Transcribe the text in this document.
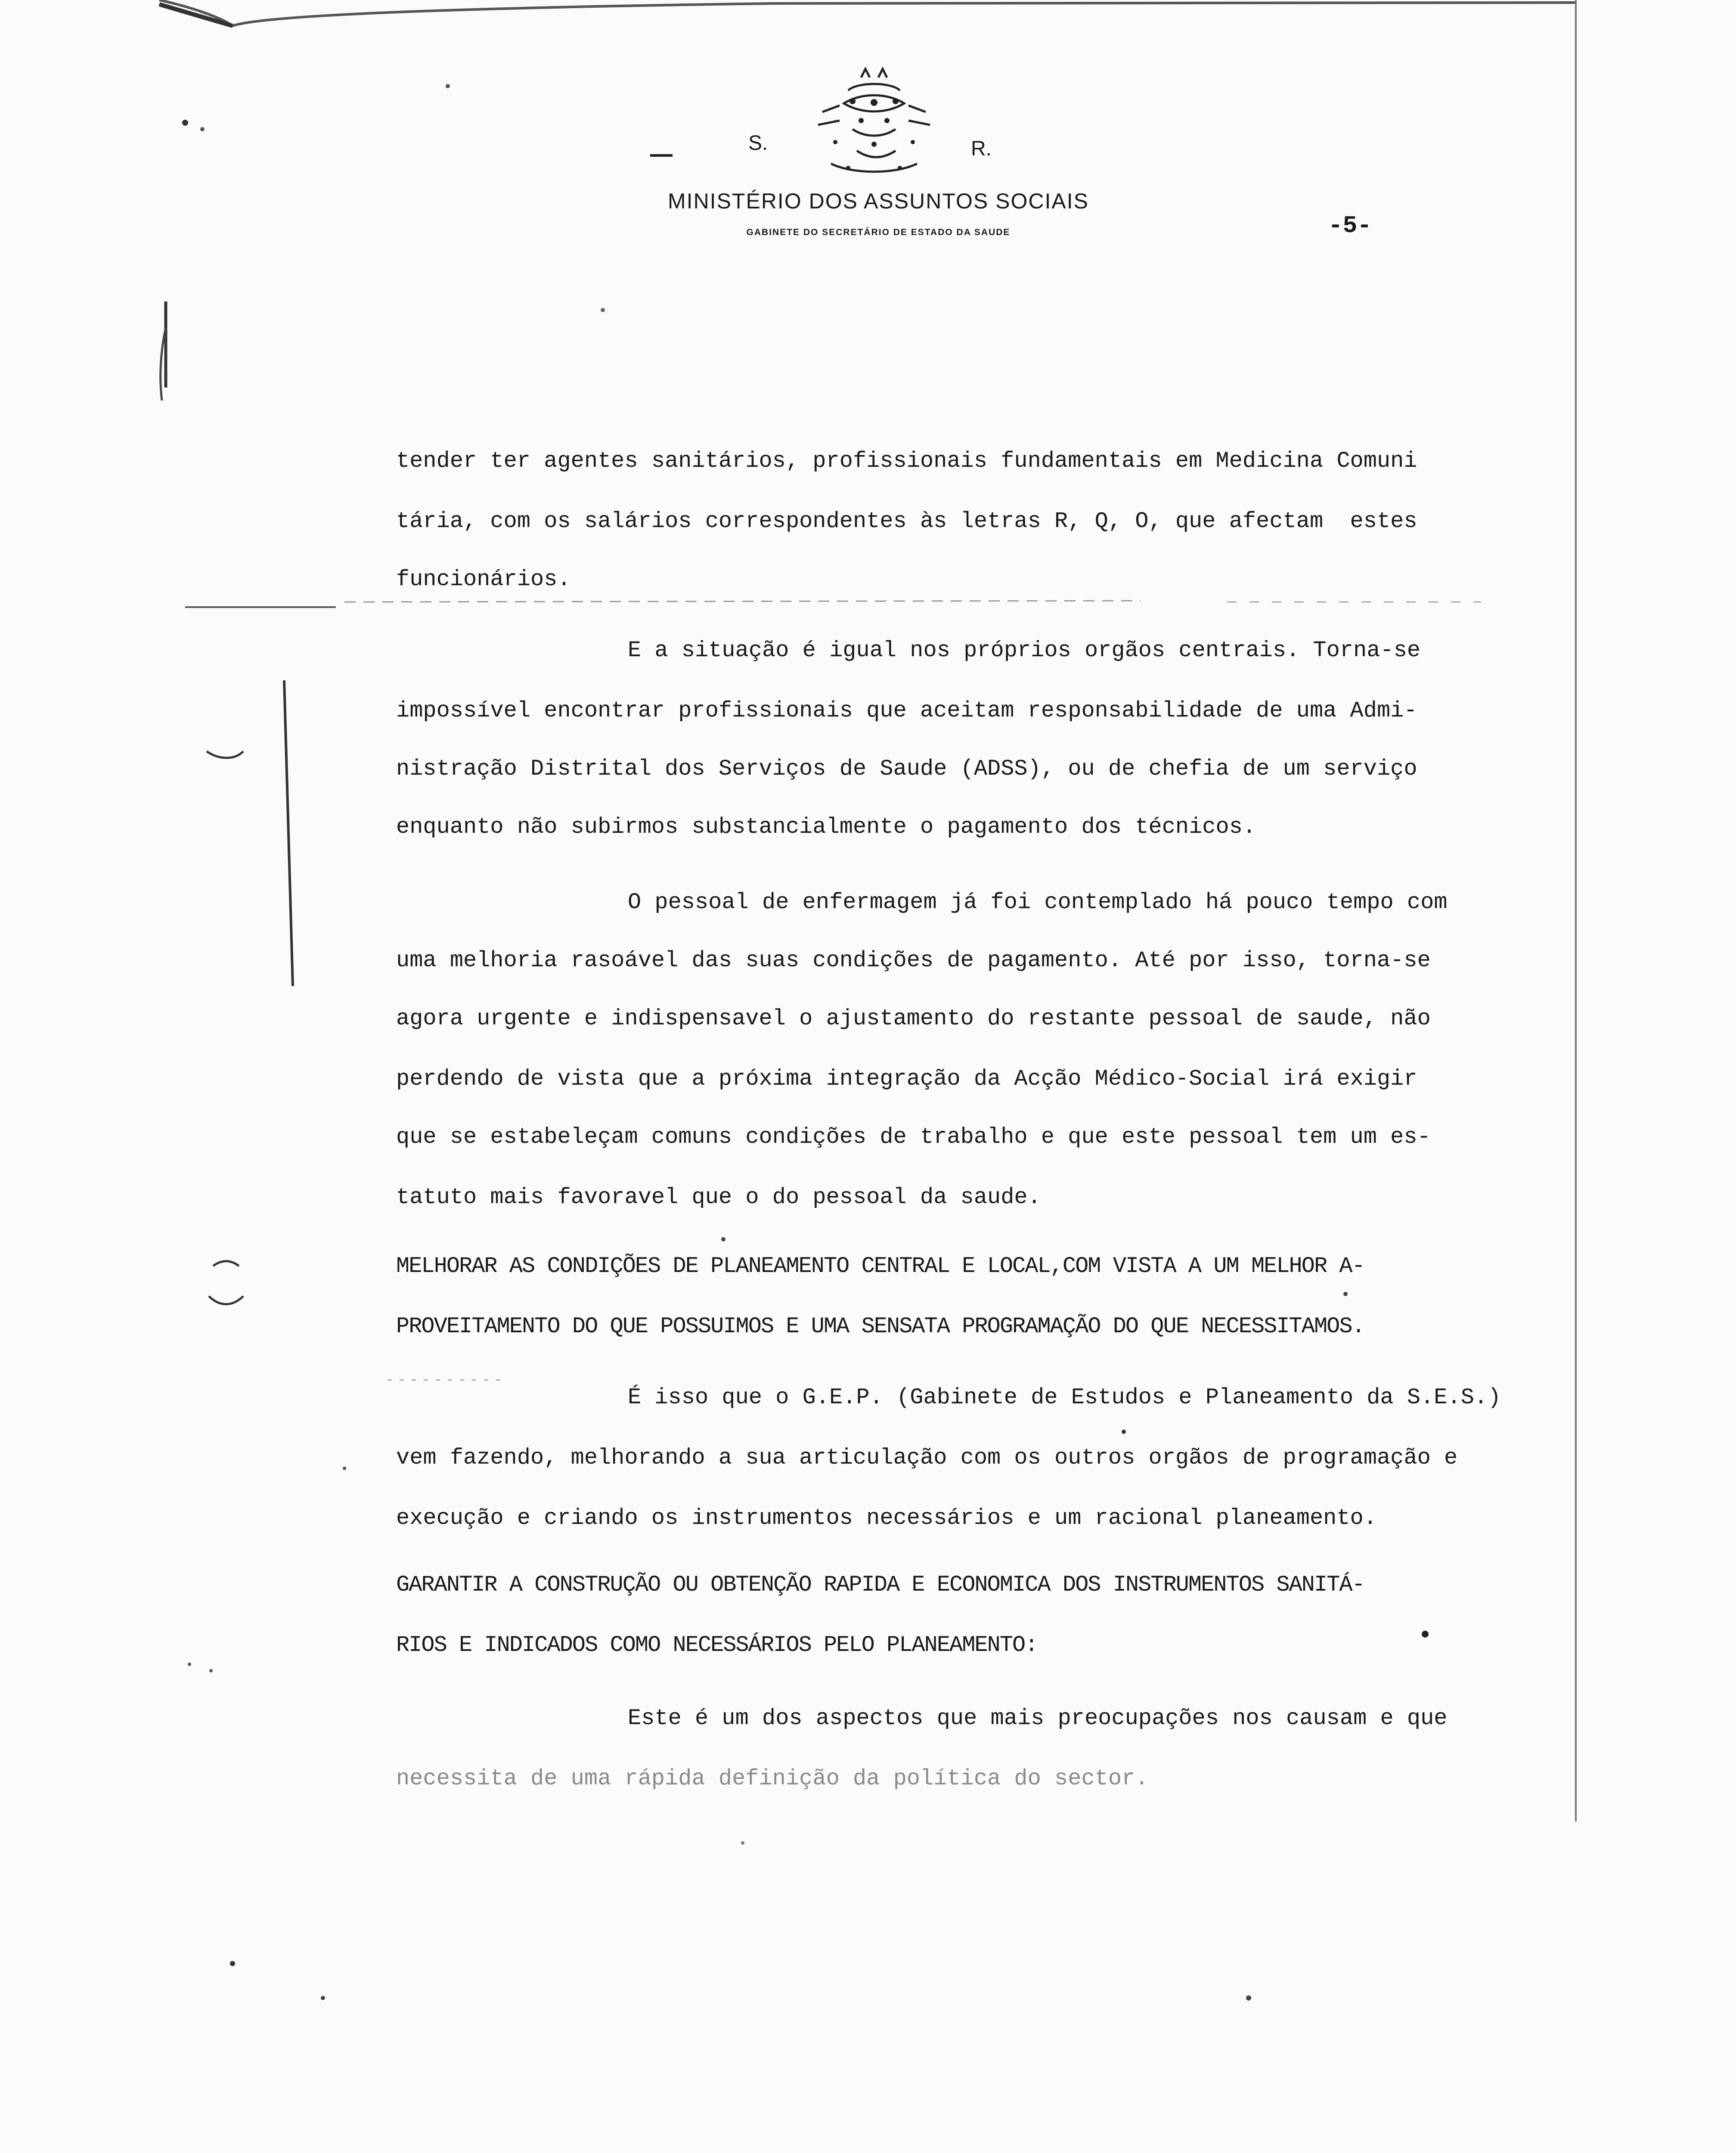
S.	R.
MINISTÉRIO DOS ASSUNTOS SOCIAIS
GABINETE DO SECRETÁRIO DE ESTADO DA SAUDE	-5-
tender ter agentes sanitários, profissionais fundamentais em Medicina Comuni
tária, com os salários correspondentes às letras R, Q, O, que afectam  estes
funcionários.
E a situação é igual nos próprios orgãos centrais. Torna-se
impossível encontrar profissionais que aceitam responsabilidade de uma Admi-
nistração Distrital dos Serviços de Saude (ADSS), ou de chefia de um serviço
enquanto não subirmos substancialmente o pagamento dos técnicos.
O pessoal de enfermagem já foi contemplado há pouco tempo com
uma melhoria rasoável das suas condições de pagamento. Até por isso, torna-se
agora urgente e indispensavel o ajustamento do restante pessoal de saude, não
perdendo de vista que a próxima integração da Acção Médico-Social irá exigir
que se estabeleçam comuns condições de trabalho e que este pessoal tem um es-
tatuto mais favoravel que o do pessoal da saude.
MELHORAR AS CONDIÇÕES DE PLANEAMENTO CENTRAL E LOCAL,COM VISTA A UM MELHOR A-
PROVEITAMENTO DO QUE POSSUIMOS E UMA SENSATA PROGRAMAÇÃO DO QUE NECESSITAMOS.
É isso que o G.E.P. (Gabinete de Estudos e Planeamento da S.E.S.)
vem fazendo, melhorando a sua articulação com os outros orgãos de programação e
execução e criando os instrumentos necessários e um racional planeamento.
GARANTIR A CONSTRUÇÃO OU OBTENÇÃO RAPIDA E ECONOMICA DOS INSTRUMENTOS SANITÁ-
RIOS E INDICADOS COMO NECESSÁRIOS PELO PLANEAMENTO:
Este é um dos aspectos que mais preocupações nos causam e que
necessita de uma rápida definição da política do sector.
